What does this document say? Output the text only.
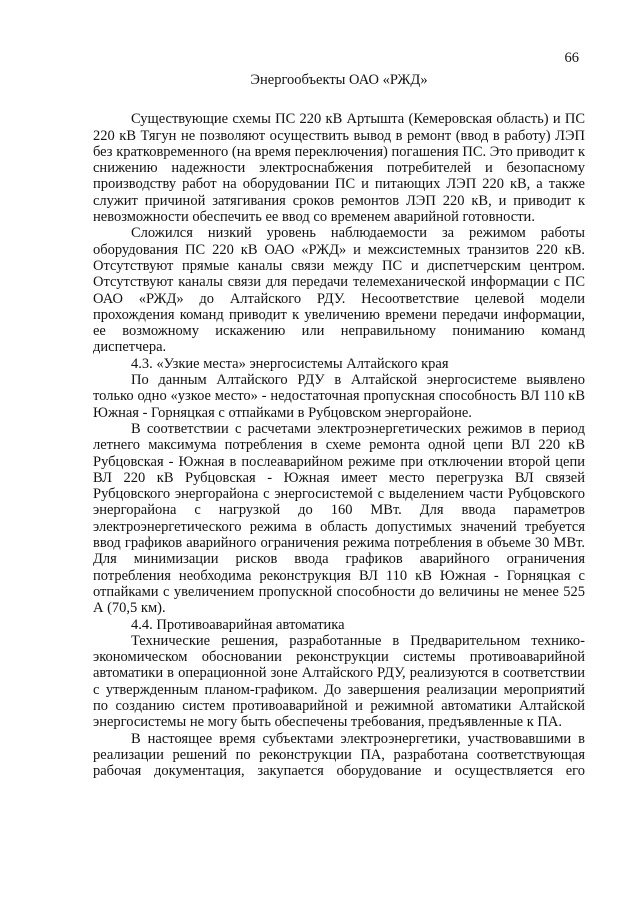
66

Энергообъекты ОАО «РЖД»

Существующие схемы ПС 220 кВ Артышта (Кемеровская область) и ПС 220 кВ Тягун не позволяют осуществить вывод в ремонт (ввод в работу) ЛЭП без кратковременного (на время переключения) погашения ПС. Это приводит к снижению надежности электроснабжения потребителей и безопасному производству работ на оборудовании ПС и питающих ЛЭП 220 кВ, а также служит причиной затягивания сроков ремонтов ЛЭП 220 кВ, и приводит к невозможности обеспечить ее ввод со временем аварийной готовности.

Сложился низкий уровень наблюдаемости за режимом работы оборудования ПС 220 кВ ОАО «РЖД» и межсистемных транзитов 220 кВ. Отсутствуют прямые каналы связи между ПС и диспетчерским центром. Отсутствуют каналы связи для передачи телемеханической информации с ПС ОАО «РЖД» до Алтайского РДУ. Несоответствие целевой модели прохождения команд приводит к увеличению времени передачи информации, ее возможному искажению или неправильному пониманию команд диспетчера.

4.3. «Узкие места» энергосистемы Алтайского края

По данным Алтайского РДУ в Алтайской энергосистеме выявлено только одно «узкое место» - недостаточная пропускная способность ВЛ 110 кВ Южная - Горняцкая с отпайками в Рубцовском энергорайоне.

В соответствии с расчетами электроэнергетических режимов в период летнего максимума потребления в схеме ремонта одной цепи ВЛ 220 кВ Рубцовская - Южная в послеаварийном режиме при отключении второй цепи ВЛ 220 кВ Рубцовская - Южная имеет место перегрузка ВЛ связей Рубцовского энергорайона с энергосистемой с выделением части Рубцовского энергорайона с нагрузкой до 160 МВт. Для ввода параметров электроэнергетического режима в область допустимых значений требуется ввод графиков аварийного ограничения режима потребления в объеме 30 МВт. Для минимизации рисков ввода графиков аварийного ограничения потребления необходима реконструкция ВЛ 110 кВ Южная - Горняцкая с отпайками с увеличением пропускной способности до величины не менее 525 А (70,5 км).

4.4. Противоаварийная автоматика

Технические решения, разработанные в Предварительном технико-экономическом обосновании реконструкции системы противоаварийной автоматики в операционной зоне Алтайского РДУ, реализуются в соответствии с утвержденным планом-графиком. До завершения реализации мероприятий по созданию систем противоаварийной и режимной автоматики Алтайской энергосистемы не могу быть обеспечены требования, предъявленные к ПА.

В настоящее время субъектами электроэнергетики, участвовавшими в реализации решений по реконструкции ПА, разработана соответствующая рабочая документация, закупается оборудование и осуществляется его
